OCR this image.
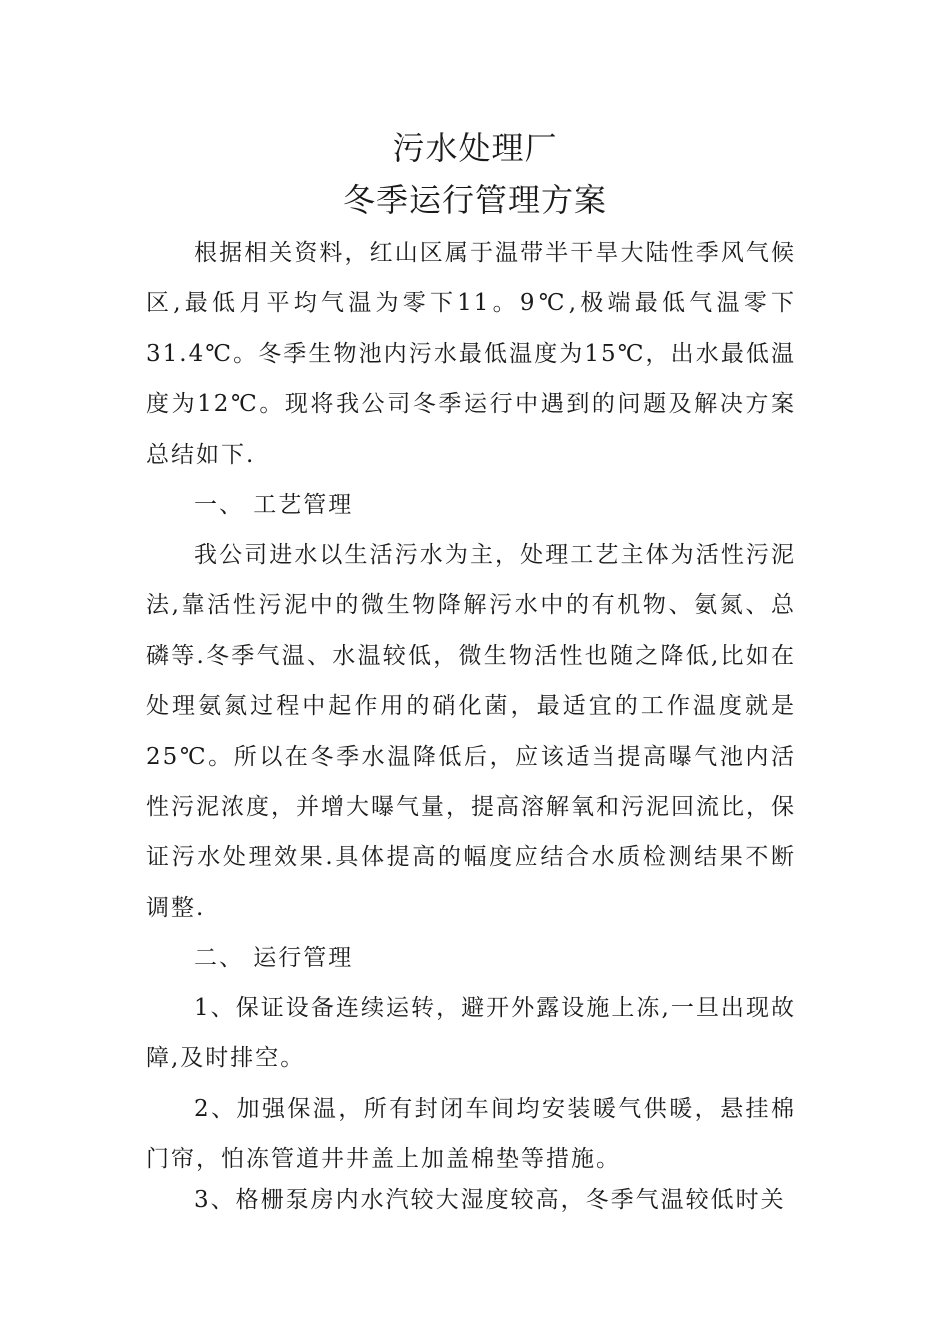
污水处理厂
冬季运行管理方案

根据相关资料，红山区属于温带半干旱大陆性季风气候区,最低月平均气温为零下11。9℃,极端最低气温零下31.4℃。冬季生物池内污水最低温度为15℃，出水最低温度为12℃。现将我公司冬季运行中遇到的问题及解决方案总结如下.

一、 工艺管理

我公司进水以生活污水为主，处理工艺主体为活性污泥法,靠活性污泥中的微生物降解污水中的有机物、氨氮、总磷等.冬季气温、水温较低，微生物活性也随之降低,比如在处理氨氮过程中起作用的硝化菌，最适宜的工作温度就是25℃。所以在冬季水温降低后，应该适当提高曝气池内活性污泥浓度，并增大曝气量，提高溶解氧和污泥回流比，保证污水处理效果.具体提高的幅度应结合水质检测结果不断调整.

二、 运行管理

1、保证设备连续运转，避开外露设施上冻,一旦出现故障,及时排空。

2、加强保温，所有封闭车间均安装暖气供暖，悬挂棉门帘，怕冻管道井井盖上加盖棉垫等措施。

3、格栅泵房内水汽较大湿度较高，冬季气温较低时关
